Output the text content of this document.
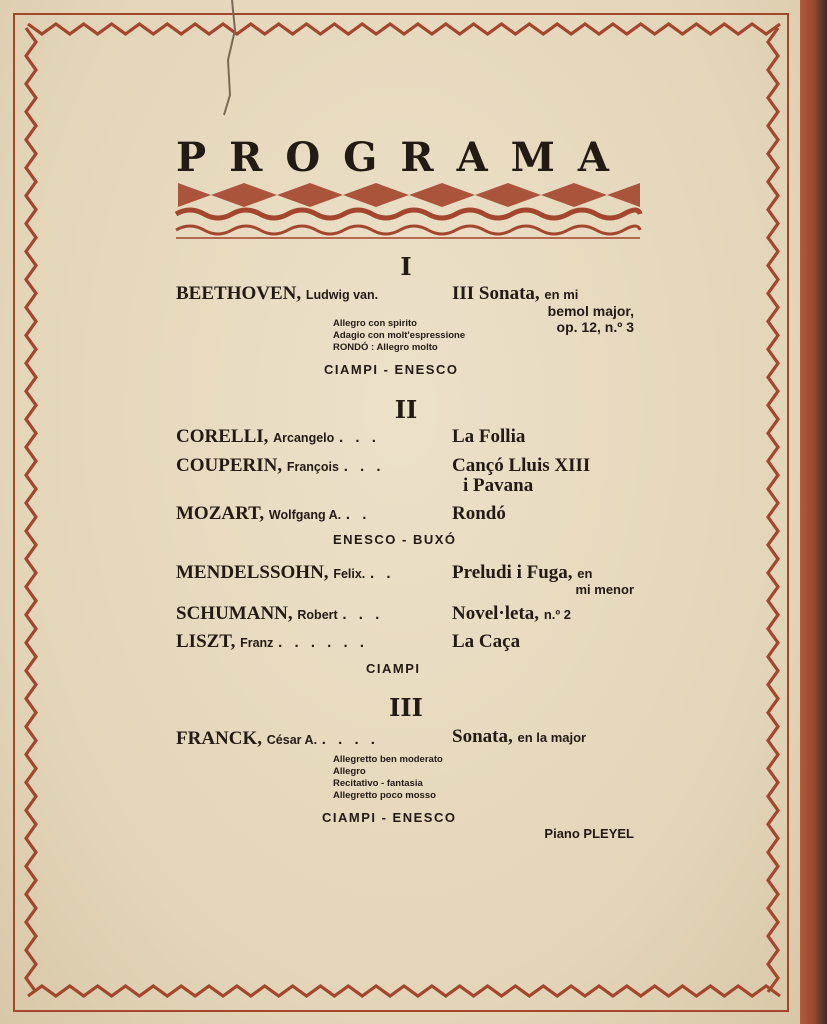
PROGRAMA
I
BEETHOVEN, Ludwig van.	III Sonata, en mi
bemol major,
op. 12, n.º 3
Allegro con spirito
Adagio con molt'espressione
RONDÓ : Allegro molto
CIAMPI - ENESCO
II
CORELLI, Arcangelo . . .	La Follia
COUPERIN, François . . .	Cançó Lluis XIII
i Pavana
MOZART, Wolfgang A. . .	Rondó
ENESCO - BUXÓ
MENDELSSOHN, Felix. . .	Preludi i Fuga, en
mi menor
SCHUMANN, Robert . . .	Novel·leta, n.º 2
LISZT, Franz . . . . . .	La Caça
CIAMPI
III
FRANCK, César A. . . . .	Sonata, en la major
Allegretto ben moderato
Allegro
Recitativo - fantasia
Allegretto poco mosso
CIAMPI - ENESCO
Piano PLEYEL
